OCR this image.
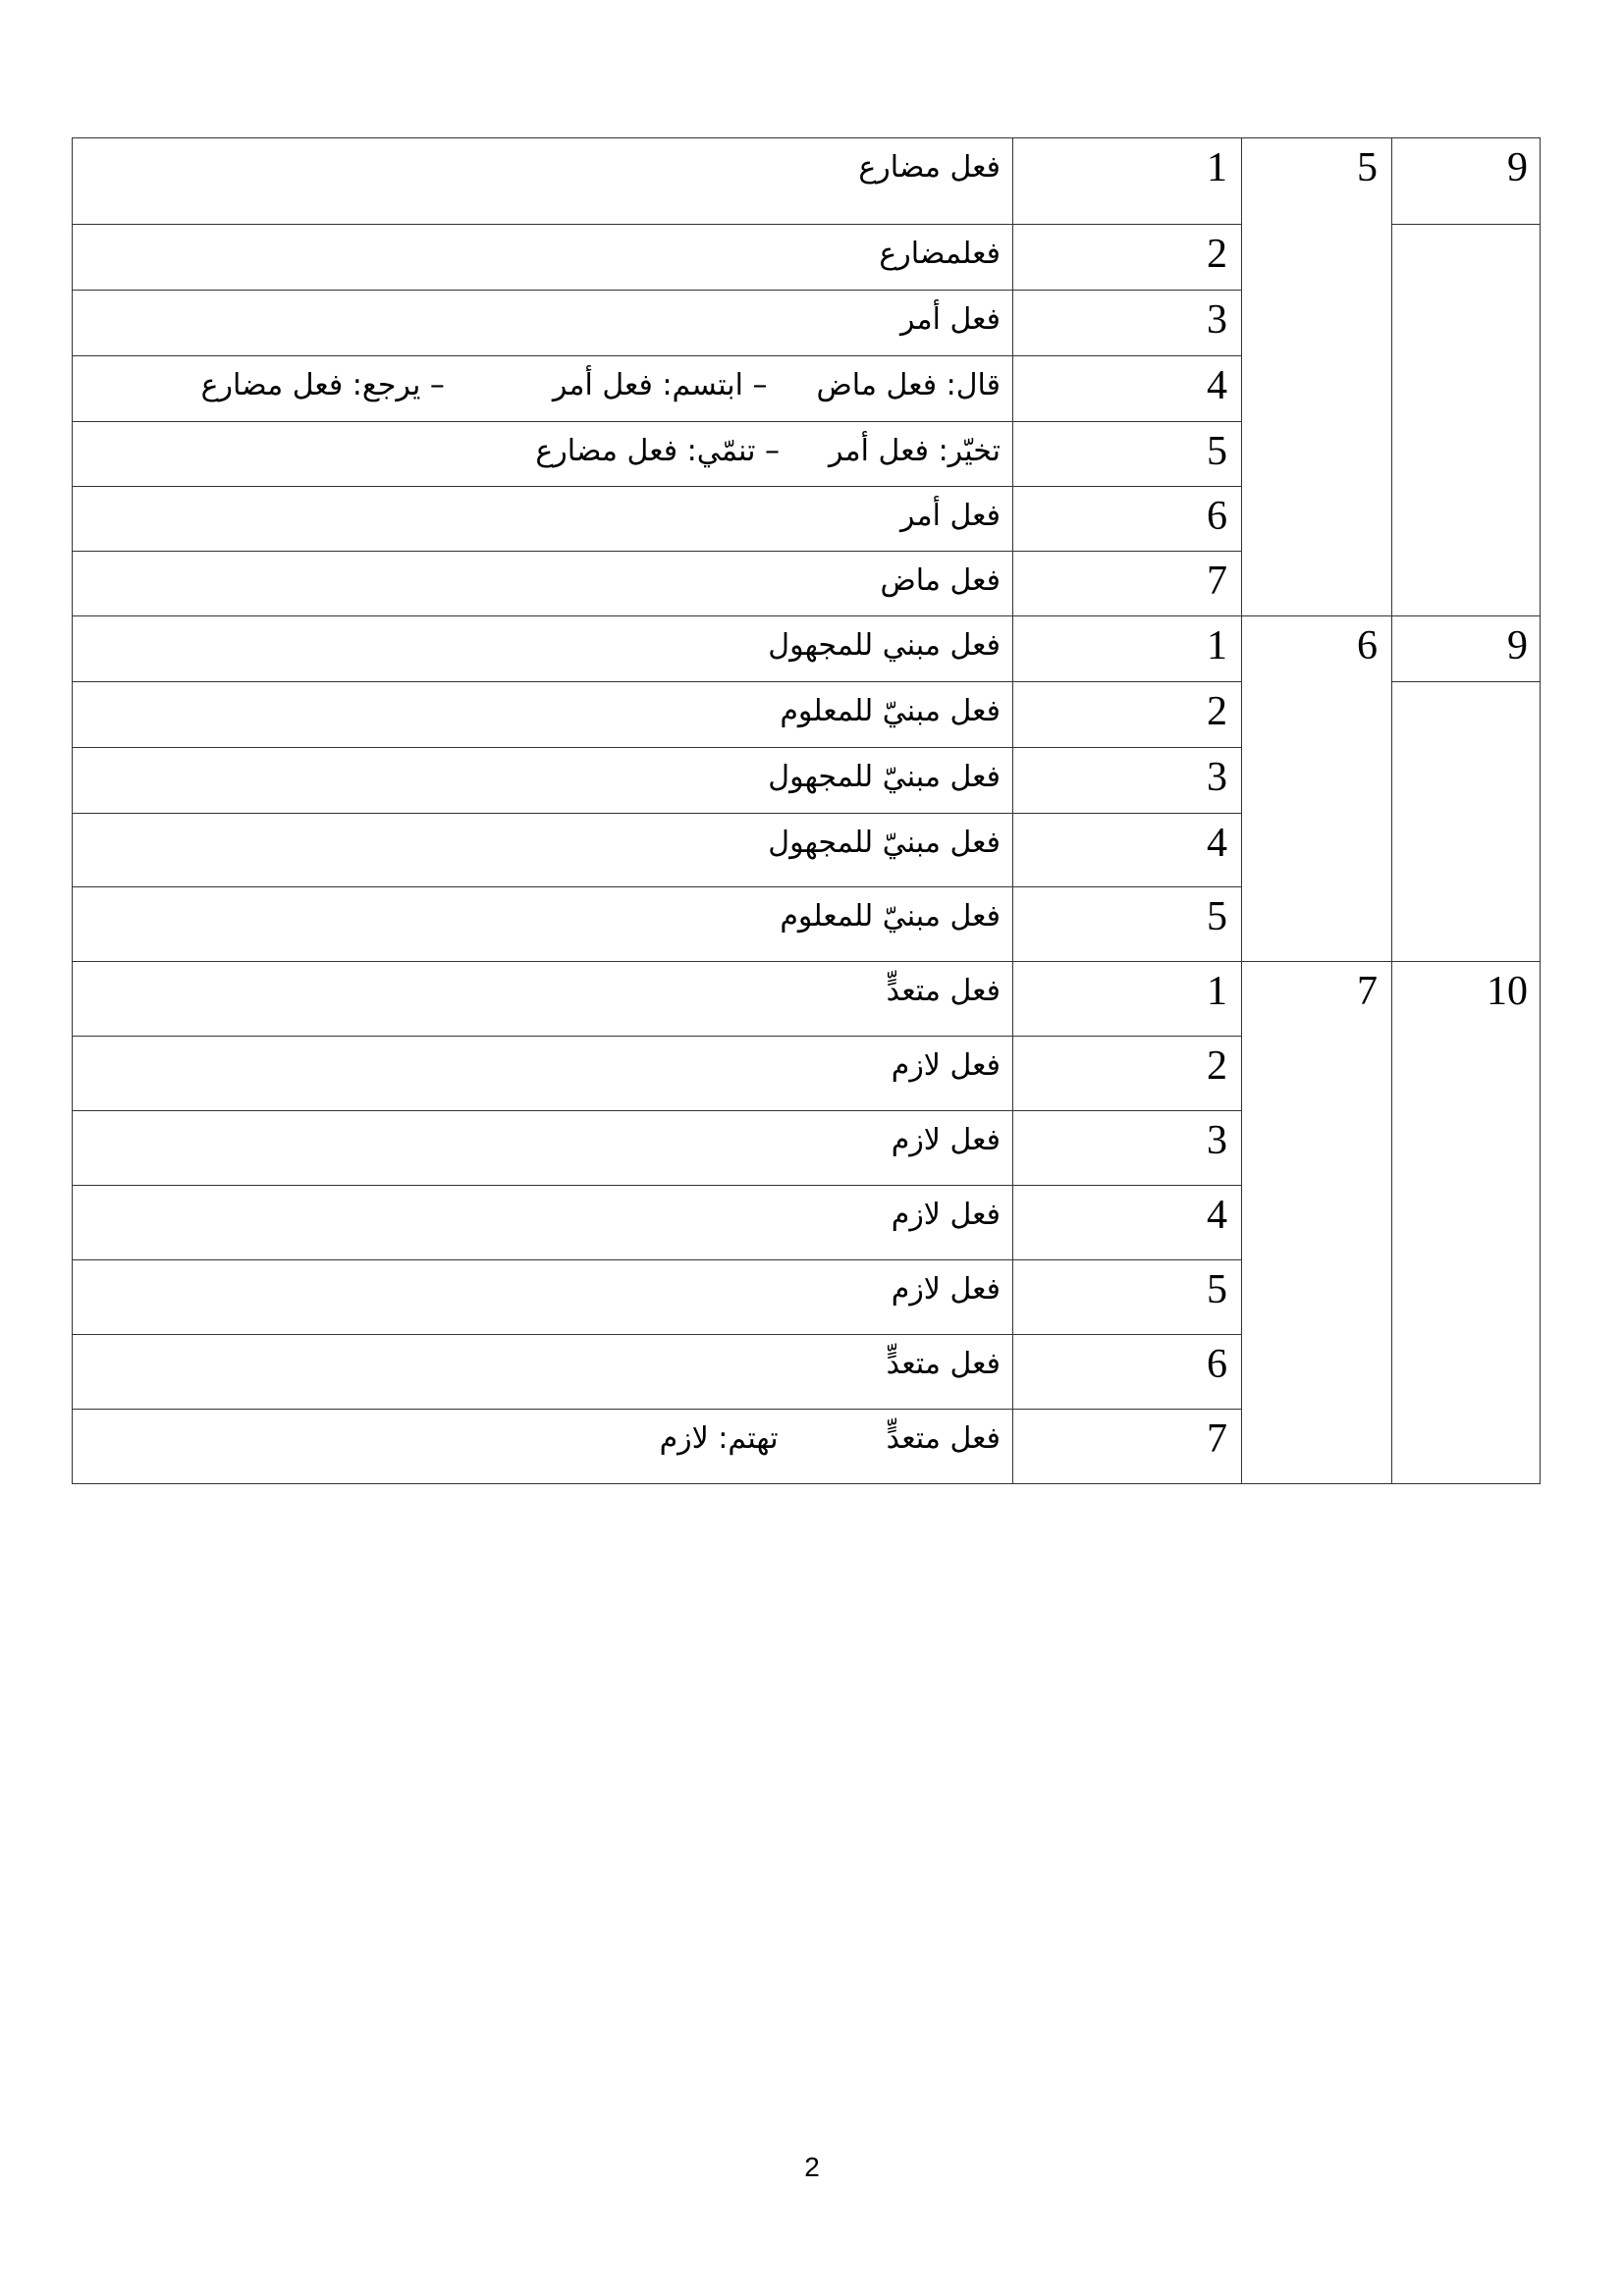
9	5	1	فعل مضارع
		2	فعلمضارع
		3	فعل أمر
		4	قال: فعل ماض– ابتسم: فعل أمر– يرجع: فعل مضارع
		5	تخيّر: فعل أمر– تنمّي: فعل مضارع
		6	فعل أمر
		7	فعل ماض
9	6	1	فعل مبني للمجهول
		2	فعل مبنيّ للمعلوم
		3	فعل مبنيّ للمجهول
		4	فعل مبنيّ للمجهول
		5	فعل مبنيّ للمعلوم
10	7	1	فعل متعدٍّ
		2	فعل لازم
		3	فعل لازم
		4	فعل لازم
		5	فعل لازم
		6	فعل متعدٍّ
		7	فعل متعدٍّتهتم: لازم
2
